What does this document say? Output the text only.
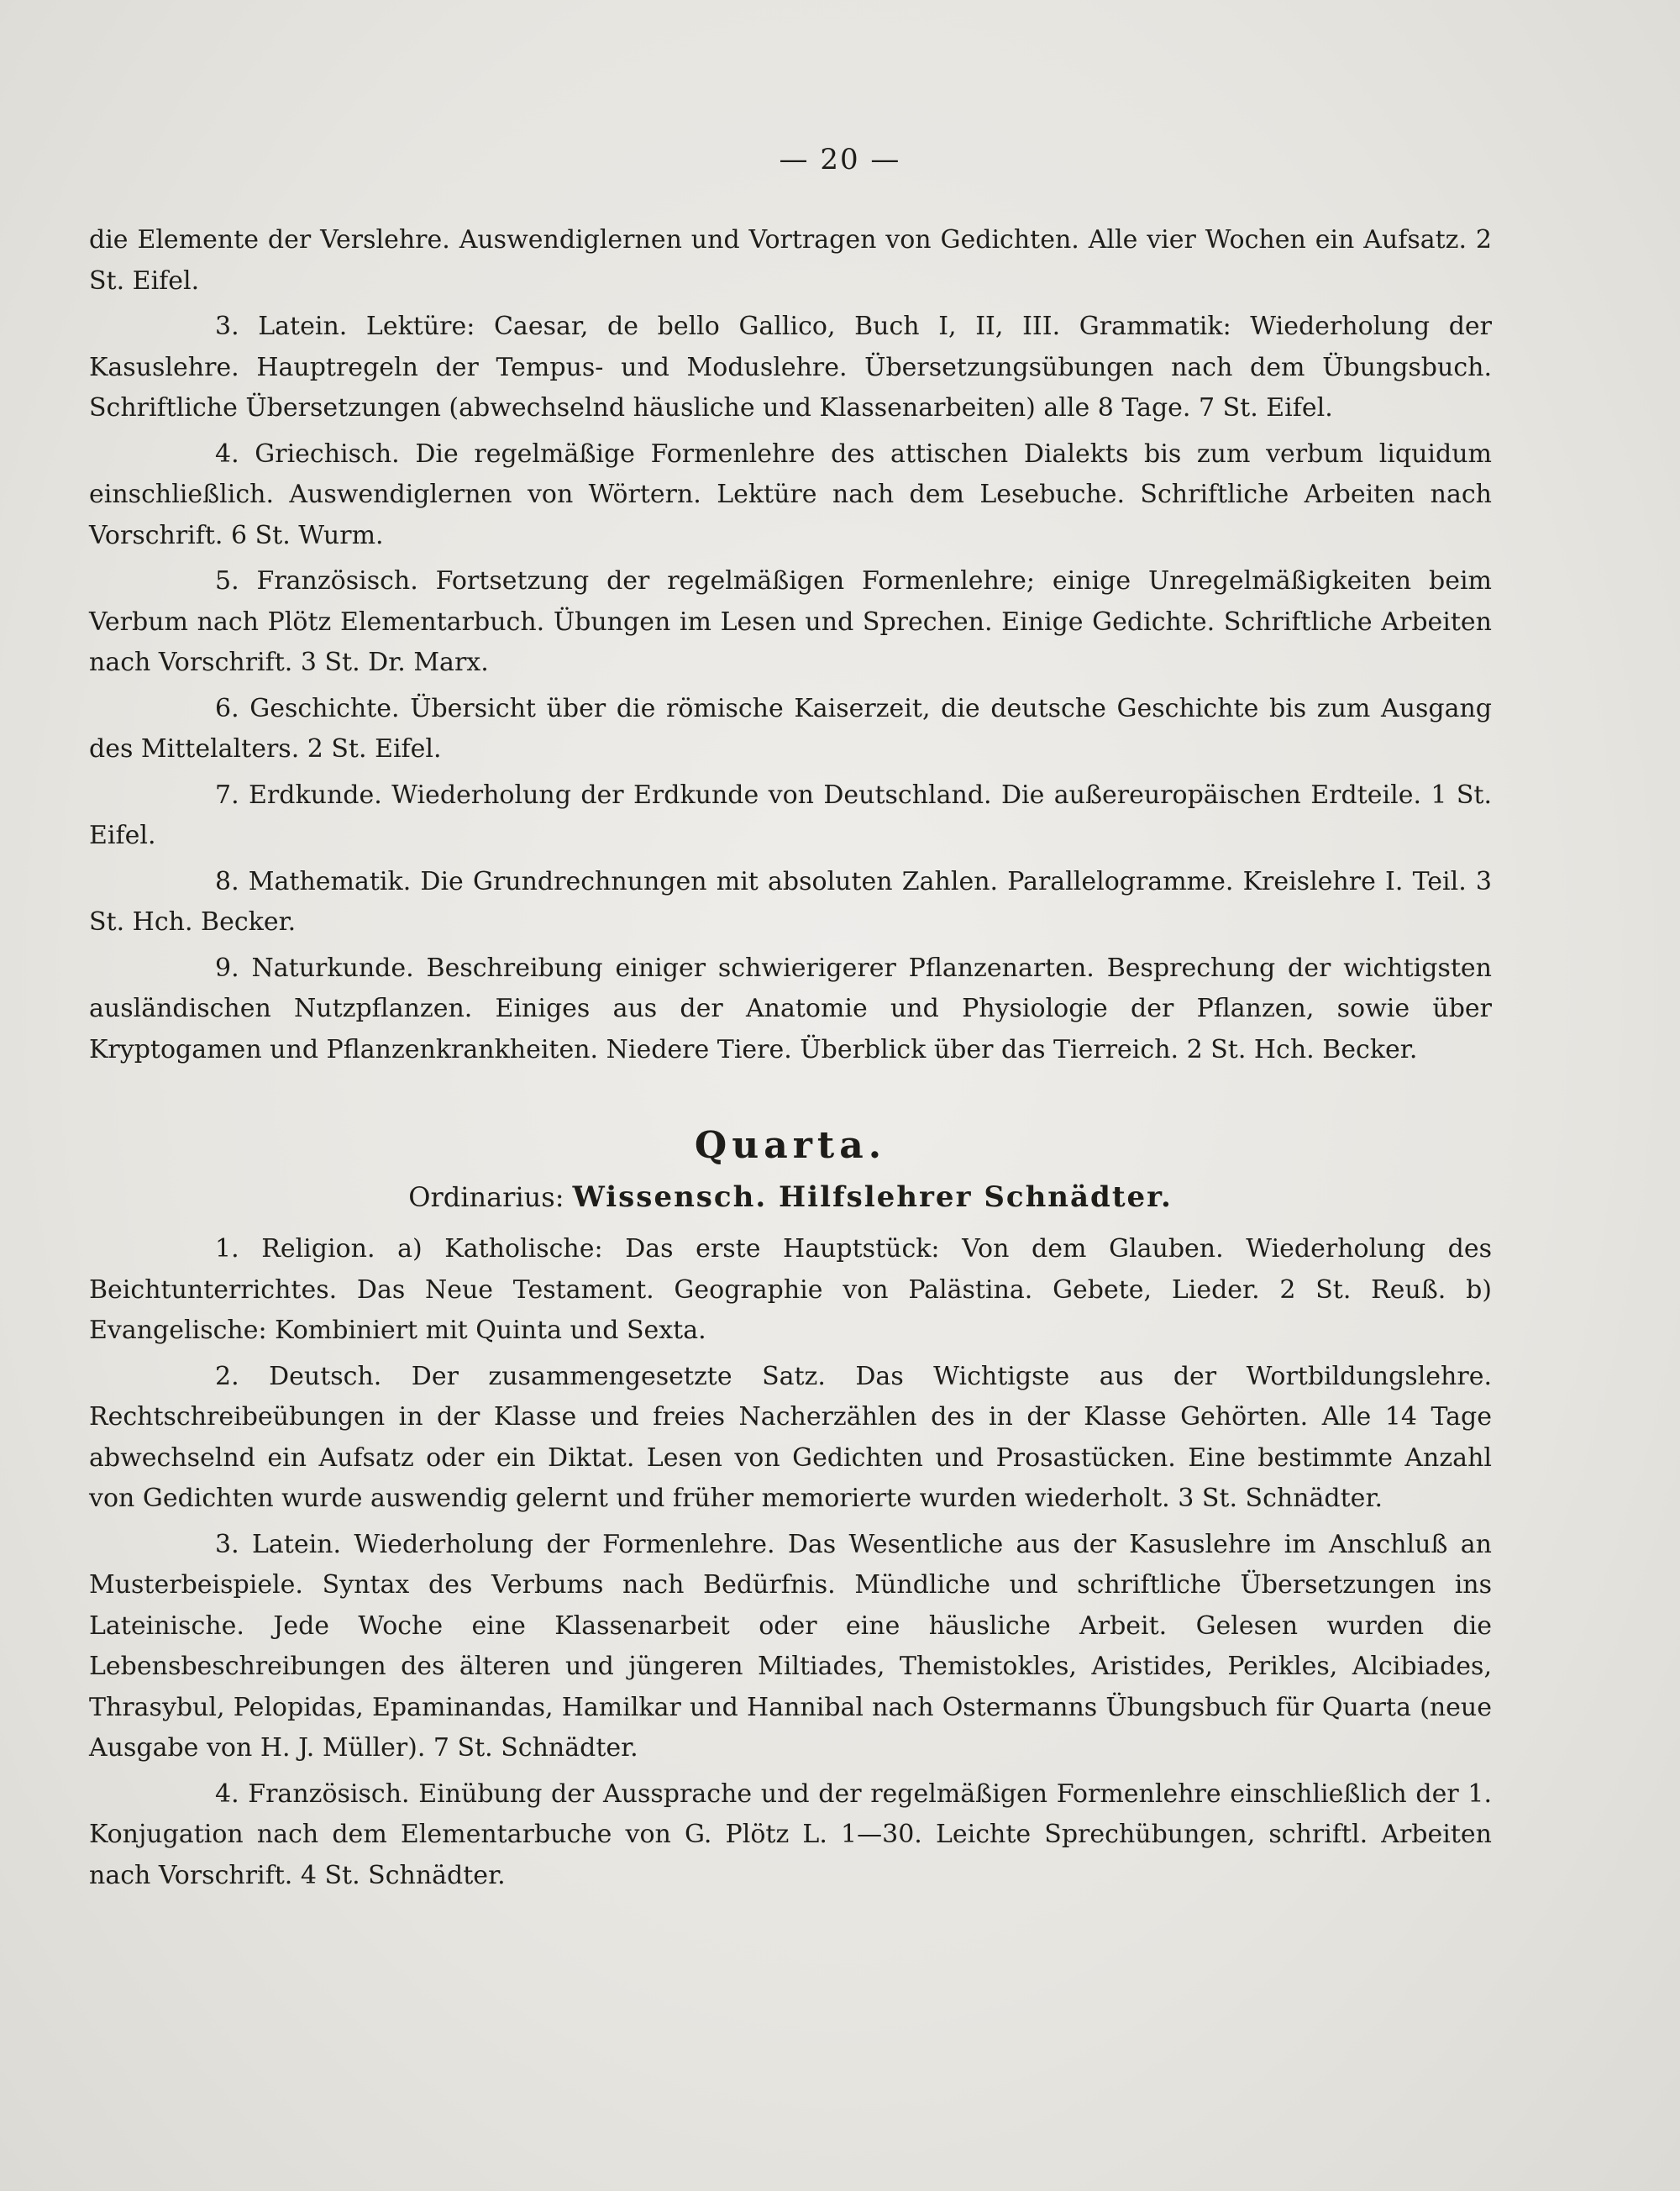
— 20 —

die Elemente der Verslehre. Auswendiglernen und Vortragen von Gedichten. Alle vier Wochen ein Aufsatz. 2 St. Eifel.

3. Latein. Lektüre: Caesar, de bello Gallico, Buch I, II, III. Grammatik: Wiederholung der Kasuslehre. Hauptregeln der Tempus- und Moduslehre. Übersetzungsübungen nach dem Übungsbuch. Schriftliche Übersetzungen (abwechselnd häusliche und Klassenarbeiten) alle 8 Tage. 7 St. Eifel.

4. Griechisch. Die regelmäßige Formenlehre des attischen Dialekts bis zum verbum liquidum einschließlich. Auswendiglernen von Wörtern. Lektüre nach dem Lesebuche. Schriftliche Arbeiten nach Vorschrift. 6 St. Wurm.

5. Französisch. Fortsetzung der regelmäßigen Formenlehre; einige Unregelmäßigkeiten beim Verbum nach Plötz Elementarbuch. Übungen im Lesen und Sprechen. Einige Gedichte. Schriftliche Arbeiten nach Vorschrift. 3 St. Dr. Marx.

6. Geschichte. Übersicht über die römische Kaiserzeit, die deutsche Geschichte bis zum Ausgang des Mittelalters. 2 St. Eifel.

7. Erdkunde. Wiederholung der Erdkunde von Deutschland. Die außereuropäischen Erdteile. 1 St. Eifel.

8. Mathematik. Die Grundrechnungen mit absoluten Zahlen. Parallelogramme. Kreislehre I. Teil. 3 St. Hch. Becker.

9. Naturkunde. Beschreibung einiger schwierigerer Pflanzenarten. Besprechung der wichtigsten ausländischen Nutzpflanzen. Einiges aus der Anatomie und Physiologie der Pflanzen, sowie über Kryptogamen und Pflanzenkrankheiten. Niedere Tiere. Überblick über das Tierreich. 2 St. Hch. Becker.

Quarta.
Ordinarius: Wissensch. Hilfslehrer Schnädter.

1. Religion. a) Katholische: Das erste Hauptstück: Von dem Glauben. Wiederholung des Beichtunterrichtes. Das Neue Testament. Geographie von Palästina. Gebete, Lieder. 2 St. Reuß. b) Evangelische: Kombiniert mit Quinta und Sexta.

2. Deutsch. Der zusammengesetzte Satz. Das Wichtigste aus der Wortbildungslehre. Rechtschreibeübungen in der Klasse und freies Nacherzählen des in der Klasse Gehörten. Alle 14 Tage abwechselnd ein Aufsatz oder ein Diktat. Lesen von Gedichten und Prosastücken. Eine bestimmte Anzahl von Gedichten wurde auswendig gelernt und früher memorierte wurden wiederholt. 3 St. Schnädter.

3. Latein. Wiederholung der Formenlehre. Das Wesentliche aus der Kasuslehre im Anschluß an Musterbeispiele. Syntax des Verbums nach Bedürfnis. Mündliche und schriftliche Übersetzungen ins Lateinische. Jede Woche eine Klassenarbeit oder eine häusliche Arbeit. Gelesen wurden die Lebensbeschreibungen des älteren und jüngeren Miltiades, Themistokles, Aristides, Perikles, Alcibiades, Thrasybul, Pelopidas, Epaminandas, Hamilkar und Hannibal nach Ostermanns Übungsbuch für Quarta (neue Ausgabe von H. J. Müller). 7 St. Schnädter.

4. Französisch. Einübung der Aussprache und der regelmäßigen Formenlehre einschließlich der 1. Konjugation nach dem Elementarbuche von G. Plötz L. 1—30. Leichte Sprechübungen, schriftl. Arbeiten nach Vorschrift. 4 St. Schnädter.
